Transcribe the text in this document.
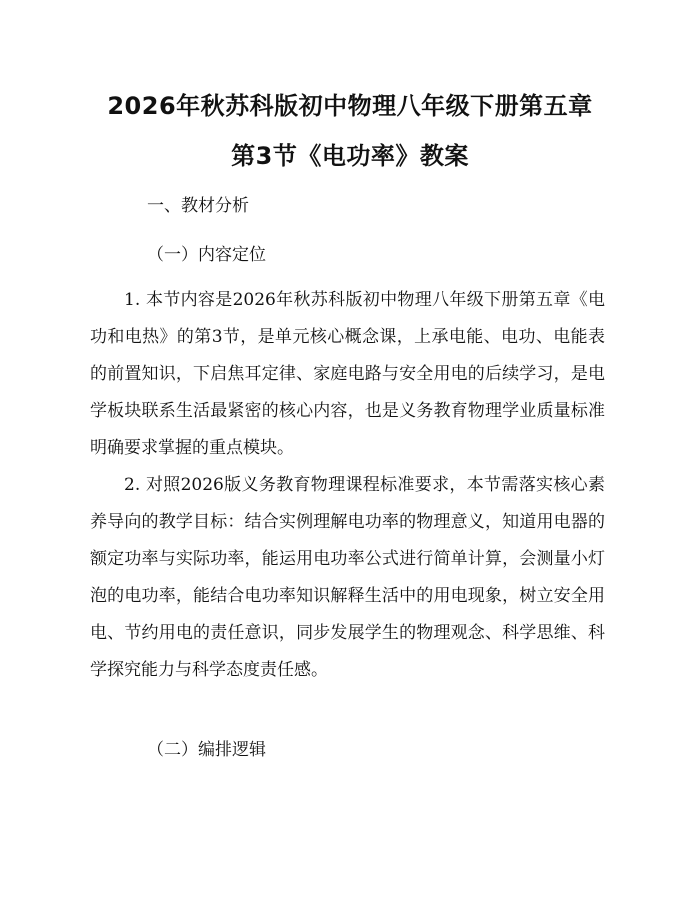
2026年秋苏科版初中物理八年级下册第五章
第3节《电功率》教案
一、教材分析
（一）内容定位
1. 本节内容是2026年秋苏科版初中物理八年级下册第五章《电功和电热》的第3节，是单元核心概念课，上承电能、电功、电能表的前置知识，下启焦耳定律、家庭电路与安全用电的后续学习，是电学板块联系生活最紧密的核心内容，也是义务教育物理学业质量标准明确要求掌握的重点模块。
2. 对照2026版义务教育物理课程标准要求，本节需落实核心素养导向的教学目标：结合实例理解电功率的物理意义，知道用电器的额定功率与实际功率，能运用电功率公式进行简单计算，会测量小灯泡的电功率，能结合电功率知识解释生活中的用电现象，树立安全用电、节约用电的责任意识，同步发展学生的物理观念、科学思维、科学探究能力与科学态度责任感。
（二）编排逻辑
